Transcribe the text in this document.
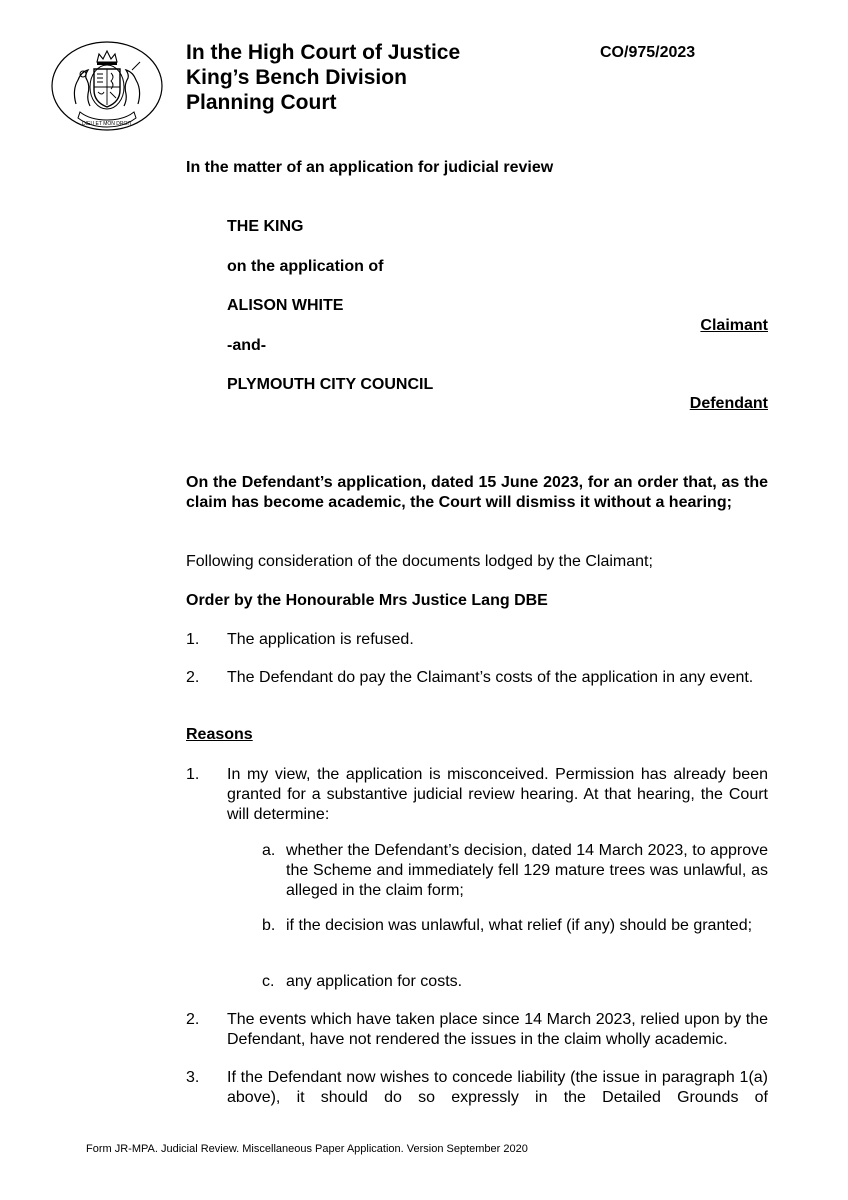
DIEU ET MON DROIT
In the High Court of Justice
King’s Bench Division
Planning Court
CO/975/2023
In the matter of an application for judicial review
THE KING
on the application of
ALISON WHITE
Claimant
-and-
PLYMOUTH CITY COUNCIL
Defendant
On the Defendant’s application, dated 15 June 2023, for an order that, as the claim has become academic, the Court will dismiss it without a hearing;
Following consideration of the documents lodged by the Claimant;
Order by the Honourable Mrs Justice Lang DBE
1. The application is refused.
2. The Defendant do pay the Claimant’s costs of the application in any event.
Reasons
1. In my view, the application is misconceived. Permission has already been granted for a substantive judicial review hearing. At that hearing, the Court will determine:
a. whether the Defendant’s decision, dated 14 March 2023, to approve the Scheme and immediately fell 129 mature trees was unlawful, as alleged in the claim form;
b. if the decision was unlawful, what relief (if any) should be granted;
c. any application for costs.
2. The events which have taken place since 14 March 2023, relied upon by the Defendant, have not rendered the issues in the claim wholly academic.
3. If the Defendant now wishes to concede liability (the issue in paragraph 1(a) above), it should do so expressly in the Detailed Grounds of
Form JR-MPA. Judicial Review. Miscellaneous Paper Application. Version September 2020
